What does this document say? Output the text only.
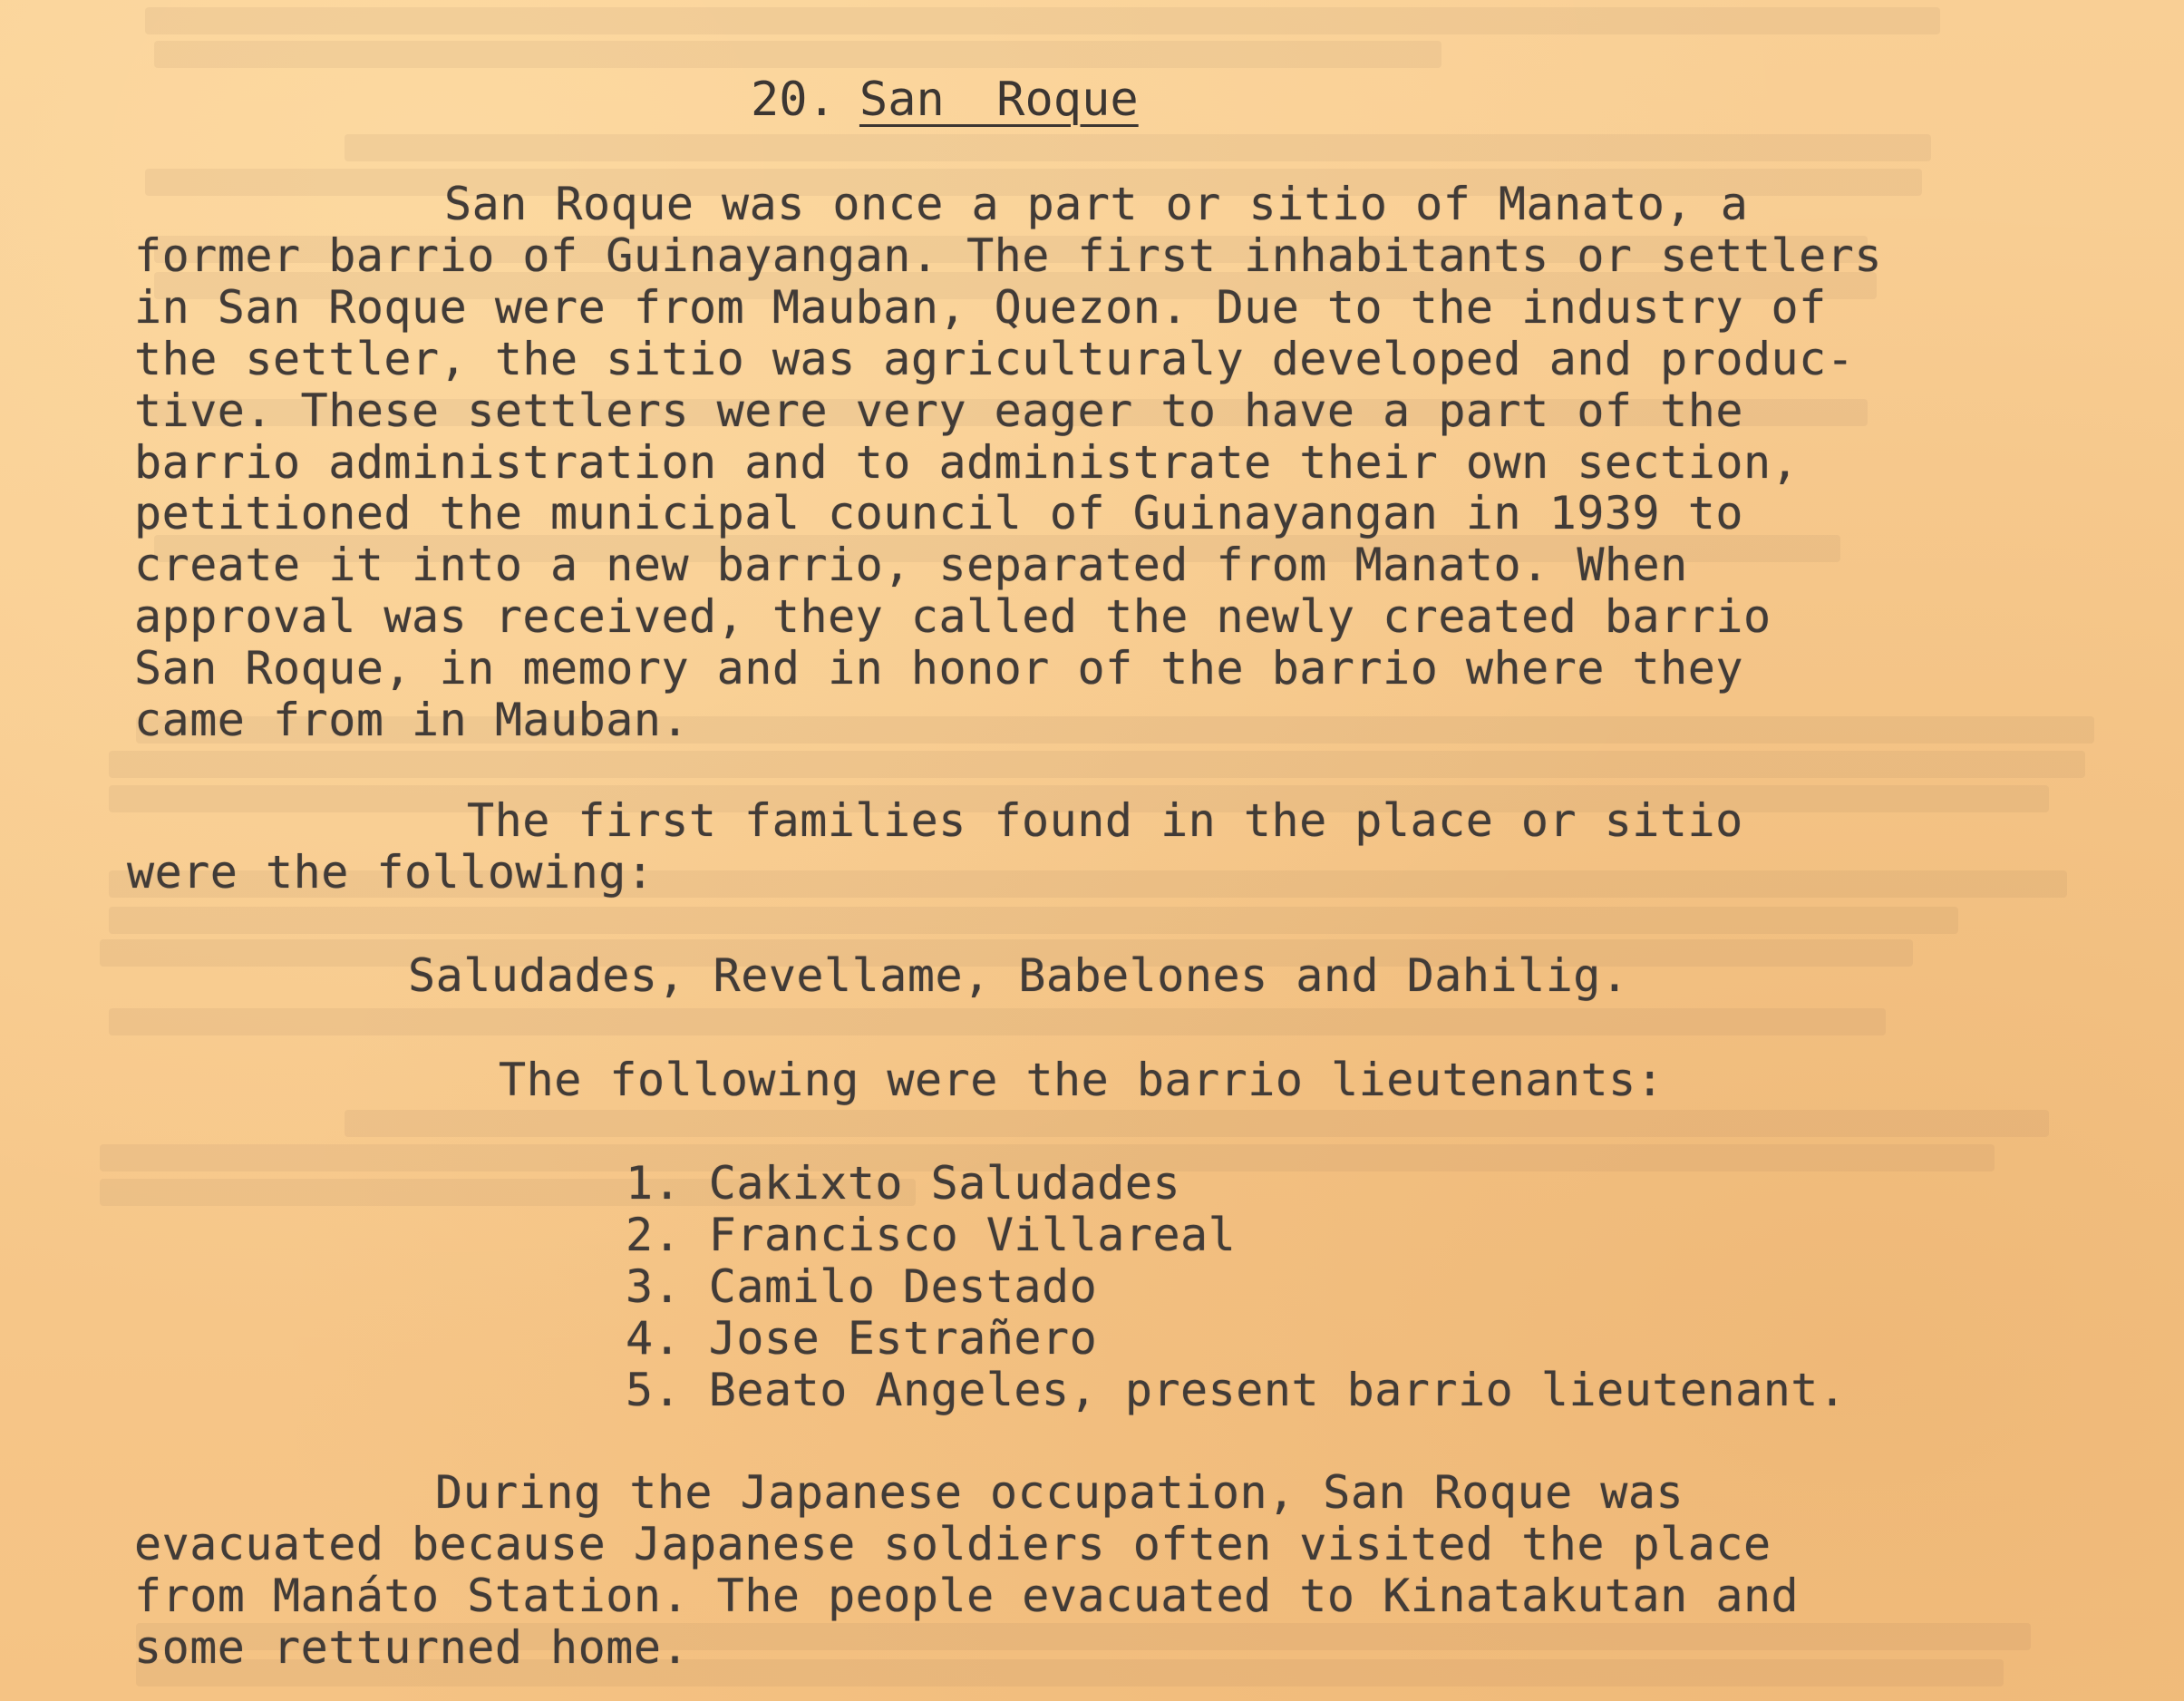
20. San Roque
San Roque was once a part or sitio of Manato, a
former barrio of Guinayangan. The first inhabitants or settlers
in San Roque were from Mauban, Quezon. Due to the industry of
the settler, the sitio was agriculturaly developed and produc-
tive. These settlers were very eager to have a part of the
barrio administration and to administrate their own section,
petitioned the municipal council of Guinayangan in 1939 to
create it into a new barrio, separated from Manato. When
approval was received, they called the newly created barrio
San Roque, in memory and in honor of the barrio where they
came from in Mauban.
The first families found in the place or sitio
were the following:
Saludades, Revellame, Babelones and Dahilig.
The following were the barrio lieutenants:
1. Cakixto Saludades
2. Francisco Villareal
3. Camilo Destado
4. Jose Estrañero
5. Beato Angeles, present barrio lieutenant.
During the Japanese occupation, San Roque was
evacuated because Japanese soldiers often visited the place
from Manáto Station. The people evacuated to Kinatakutan and
some retturned home.
